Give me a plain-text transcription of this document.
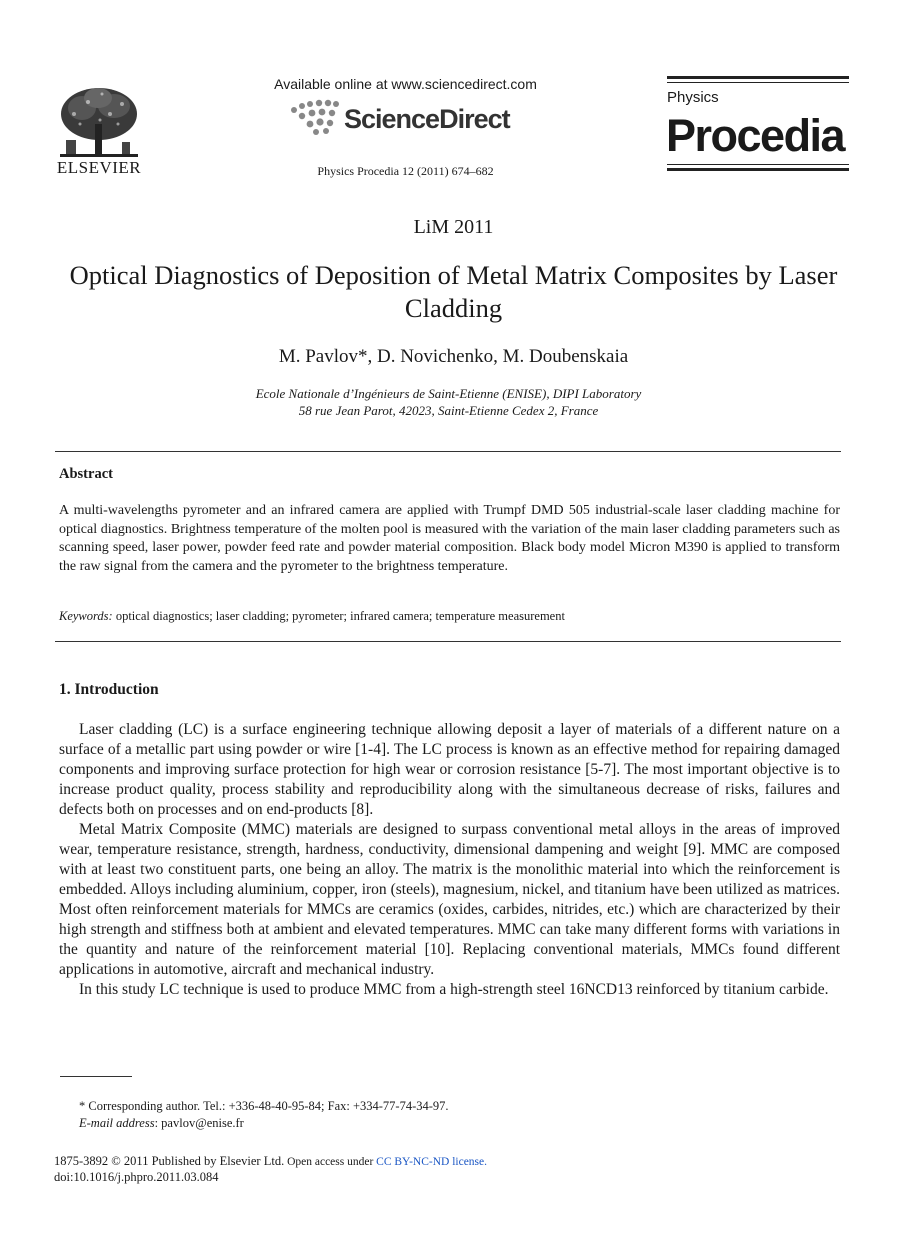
ELSEVIER
Available online at www.sciencedirect.com
ScienceDirect
Physics Procedia 12 (2011) 674–682
Physics
Procedia
LiM 2011
Optical Diagnostics of Deposition of Metal Matrix Composites by Laser Cladding
M. Pavlov*, D. Novichenko, M. Doubenskaia
Ecole Nationale d’Ingénieurs de Saint-Etienne (ENISE), DIPI Laboratory
58 rue Jean Parot, 42023, Saint-Etienne Cedex 2, France
Abstract
A multi-wavelengths pyrometer and an infrared camera are applied with Trumpf DMD 505 industrial-scale laser cladding machine for optical diagnostics. Brightness temperature of the molten pool is measured with the variation of the main laser cladding parameters such as scanning speed, laser power, powder feed rate and powder material composition. Black body model Micron M390 is applied to transform the raw signal from the camera and the pyrometer to the brightness temperature.
Keywords: optical diagnostics; laser cladding; pyrometer; infrared camera; temperature measurement
1. Introduction

Laser cladding (LC) is a surface engineering technique allowing deposit a layer of materials of a different nature on a surface of a metallic part using powder or wire [1-4]. The LC process is known as an effective method for repairing damaged components and improving surface protection for high wear or corrosion resistance [5-7]. The most important objective is to increase product quality, process stability and reproducibility along with the simultaneous decrease of risks, failures and defects both on processes and on end-products [8].

Metal Matrix Composite (MMC) materials are designed to surpass conventional metal alloys in the areas of improved wear, temperature resistance, strength, hardness, conductivity, dimensional dampening and weight [9]. MMC are composed with at least two constituent parts, one being an alloy. The matrix is the monolithic material into which the reinforcement is embedded. Alloys including aluminium, copper, iron (steels), magnesium, nickel, and titanium have been utilized as matrices. Most often reinforcement materials for MMCs are ceramics (oxides, carbides, nitrides, etc.) which are characterized by their high strength and stiffness both at ambient and elevated temperatures. MMC can take many different forms with variations in the quantity and nature of the reinforcement material [10]. Replacing conventional materials, MMCs found different applications in automotive, aircraft and mechanical industry.

In this study LC technique is used to produce MMC from a high-strength steel 16NCD13 reinforced by titanium carbide.

* Corresponding author. Tel.: +336-48-40-95-84; Fax: +334-77-74-34-97.
E-mail address: pavlov@enise.fr
1875-3892 © 2011 Published by Elsevier Ltd. Open access under CC BY-NC-ND license.
doi:10.1016/j.phpro.2011.03.084
